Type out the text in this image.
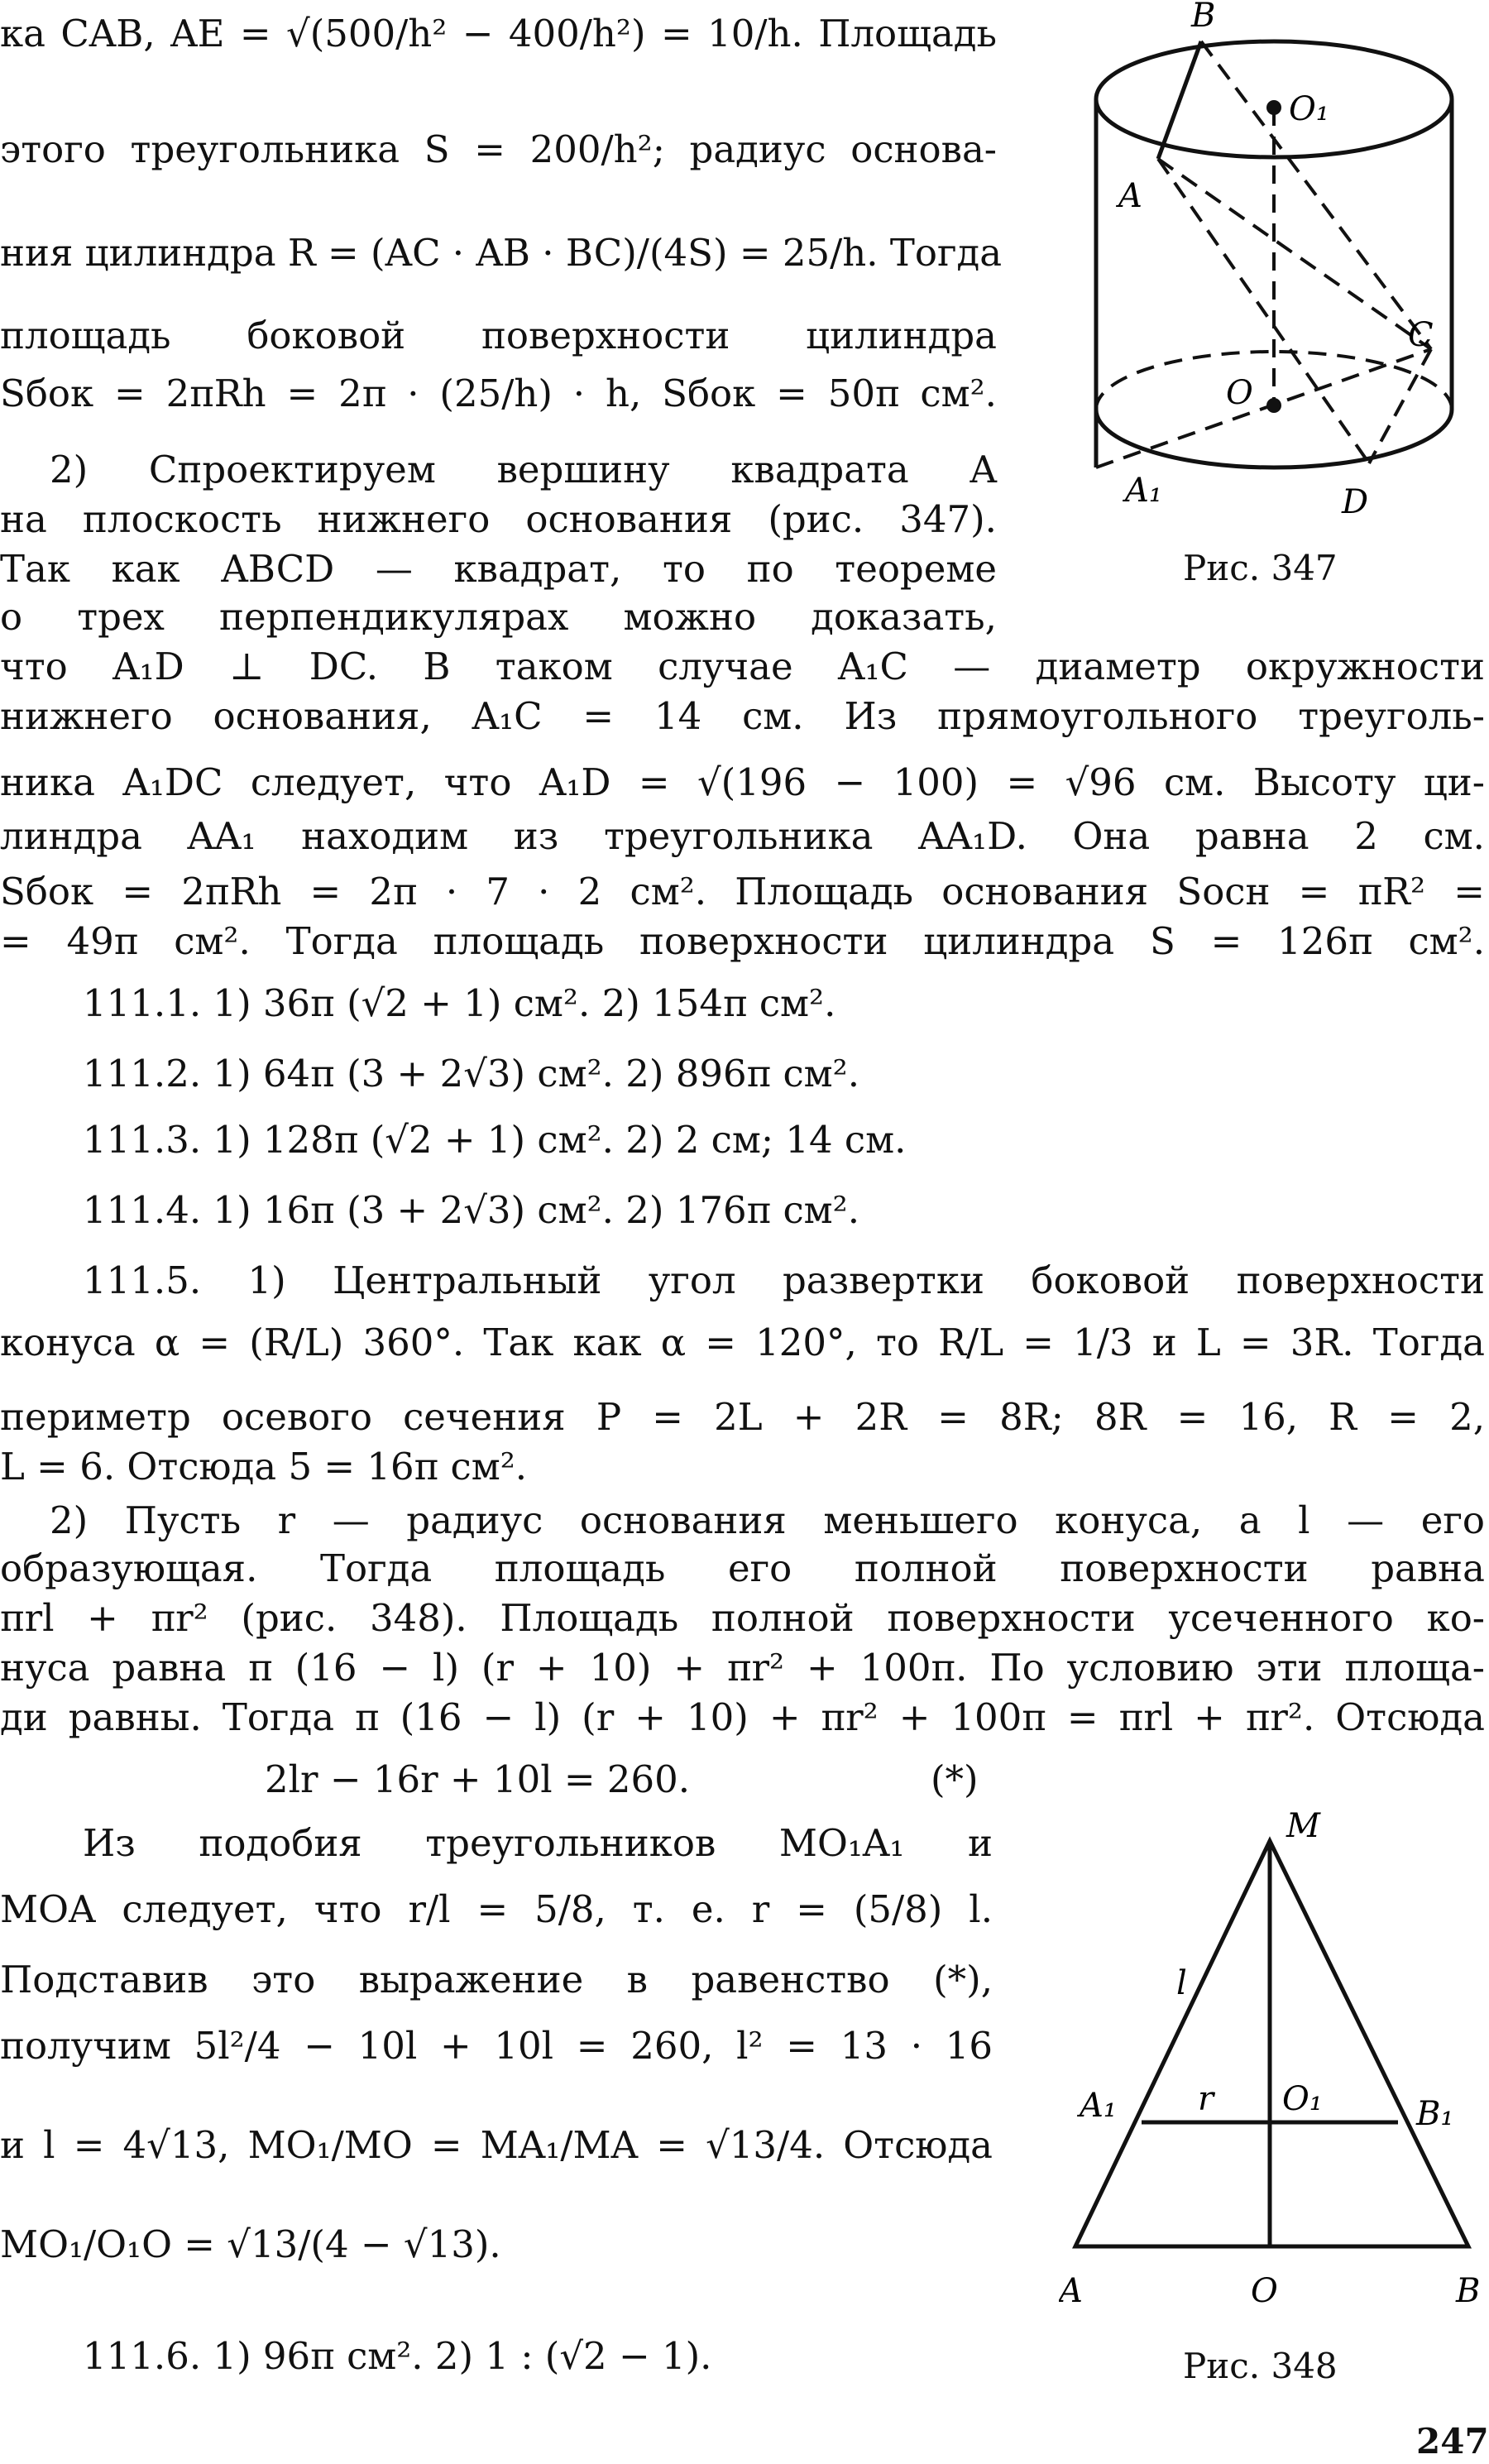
ка CAB, AE = √(500/h² − 400/h²) = 10/h. Площадь
этого треугольника S = 200/h²; радиус основа-
ния цилиндра R = (AC · AB · BC)/(4S) = 25/h. Тогда
площадь боковой поверхности цилиндра
Sбок = 2πRh = 2π · (25/h) · h, Sбок = 50π см².
2) Спроектируем вершину квадрата A
на плоскость нижнего основания (рис. 347).
Так как ABCD — квадрат, то по теореме
о трех перпендикулярах можно доказать,
B
O₁
A
C
O
A₁	D
Рис. 347
что A₁D ⊥ DC. В таком случае A₁C — диаметр окружности
нижнего основания, A₁C = 14 см. Из прямоугольного треуголь-
ника A₁DC следует, что A₁D = √(196 − 100) = √96 см. Высоту ци-
линдра AA₁ находим из треугольника AA₁D. Она равна 2 см.
Sбок = 2πRh = 2π · 7 · 2 см². Площадь основания Sосн = πR² =
= 49π см². Тогда площадь поверхности цилиндра S = 126π см².
111.1. 1) 36π (√2 + 1) см². 2) 154π см².
111.2. 1) 64π (3 + 2√3) см². 2) 896π см².
111.3. 1) 128π (√2 + 1) см². 2) 2 см; 14 см.
111.4. 1) 16π (3 + 2√3) см². 2) 176π см².
111.5. 1) Центральный угол развертки боковой поверхности
конуса α = (R/L) 360°. Так как α = 120°, то R/L = 1/3 и L = 3R. Тогда
периметр осевого сечения P = 2L + 2R = 8R; 8R = 16, R = 2,
L = 6. Отсюда 5 = 16π см².
2) Пусть r — радиус основания меньшего конуса, а l — его
образующая. Тогда площадь его полной поверхности равна
πrl + πr² (рис. 348). Площадь полной поверхности усеченного ко-
нуса равна π (16 − l) (r + 10) + πr² + 100π. По условию эти площа-
ди равны. Тогда π (16 − l) (r + 10) + πr² + 100π = πrl + πr². Отсюда
2lr − 16r + 10l = 260.	(*)
Из подобия треугольников MO₁A₁ и
MOA следует, что r/l = 5/8, т. е. r = (5/8) l.
Подставив это выражение в равенство (*),
получим 5l²/4 − 10l + 10l = 260, l² = 13 · 16
и l = 4√13, MO₁/MO = MA₁/MA = √13/4. Отсюда
MO₁/O₁O = √13/(4 − √13).
111.6. 1) 96π см². 2) 1 : (√2 − 1).
M
l
r O₁
A₁	B₁
A	O	B
Рис. 348
247
